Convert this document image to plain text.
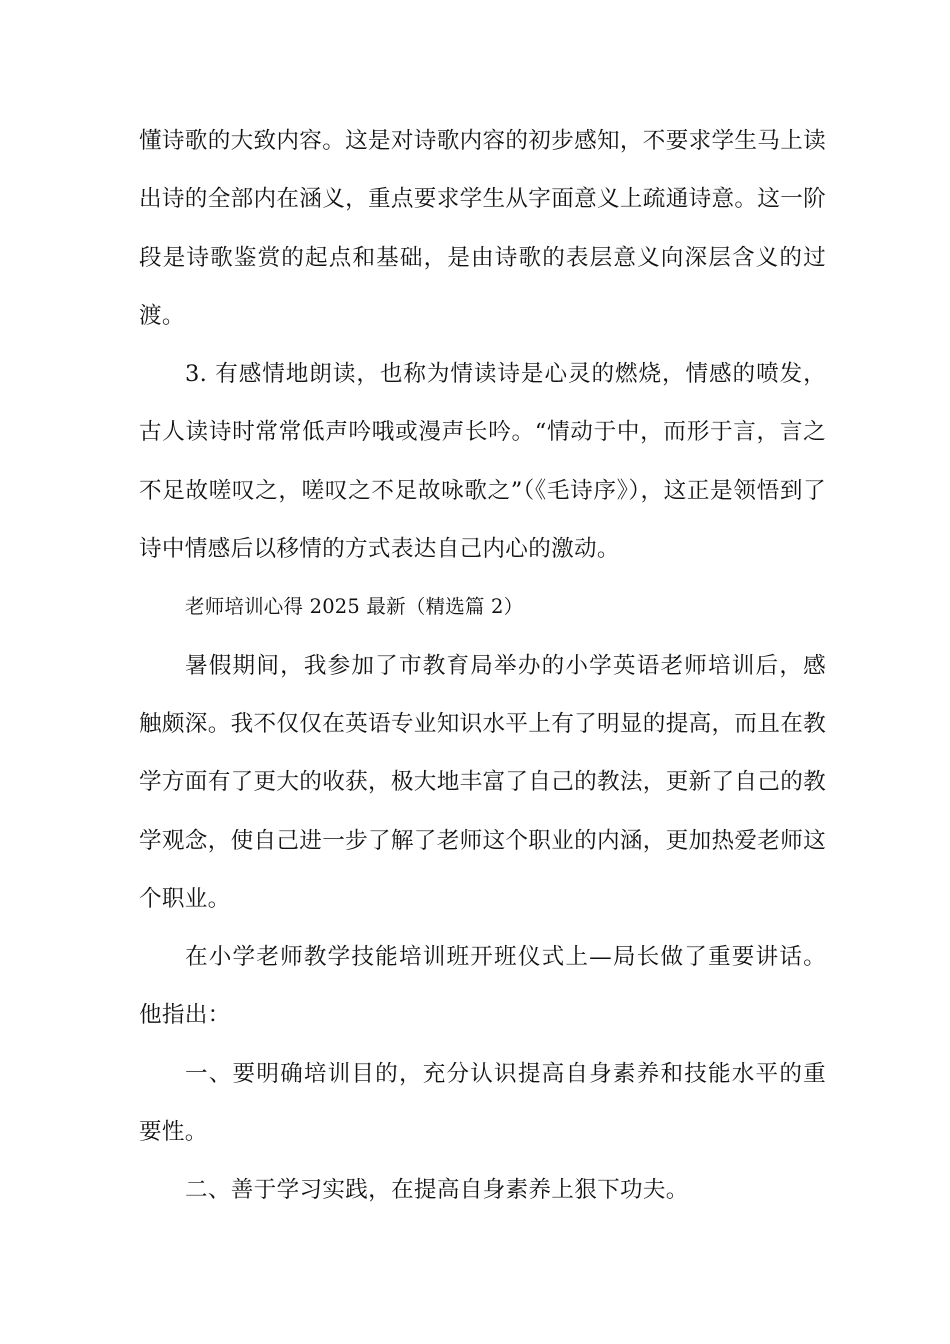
懂诗歌的大致内容。这是对诗歌内容的初步感知，不要求学生马上读出诗的全部内在涵义，重点要求学生从字面意义上疏通诗意。这一阶段是诗歌鉴赏的起点和基础，是由诗歌的表层意义向深层含义的过渡。

3. 有感情地朗读，也称为情读诗是心灵的燃烧，情感的喷发，古人读诗时常常低声吟哦或漫声长吟。“情动于中，而形于言，言之不足故嗟叹之，嗟叹之不足故咏歌之”（《毛诗序》），这正是领悟到了诗中情感后以移情的方式表达自己内心的激动。

老师培训心得 2025 最新（精选篇 2）

暑假期间，我参加了市教育局举办的小学英语老师培训后，感触颇深。我不仅仅在英语专业知识水平上有了明显的提高，而且在教学方面有了更大的收获，极大地丰富了自己的教法，更新了自己的教学观念，使自己进一步了解了老师这个职业的内涵，更加热爱老师这个职业。

在小学老师教学技能培训班开班仪式上—局长做了重要讲话。他指出：

一、要明确培训目的，充分认识提高自身素养和技能水平的重要性。

二、善于学习实践，在提高自身素养上狠下功夫。
